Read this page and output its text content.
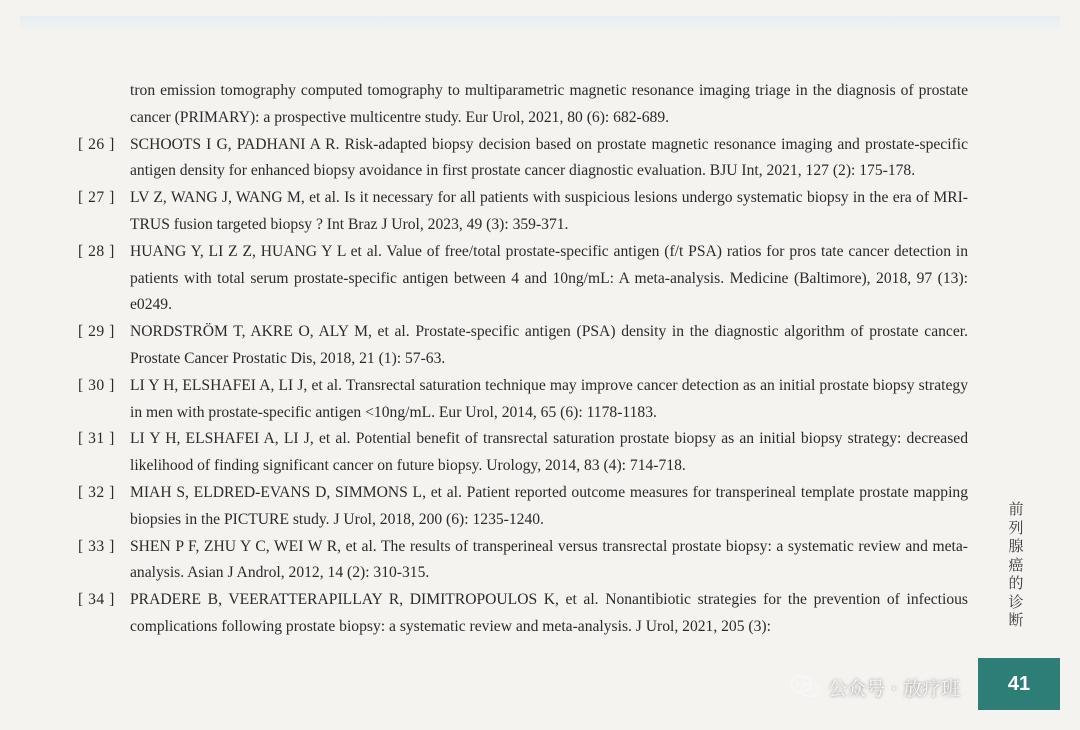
tron emission tomography computed tomography to multiparametric magnetic resonance imaging triage in the diagnosis of prostate cancer (PRIMARY): a prospective multicentre study. Eur Urol, 2021, 80 (6): 682-689.
[ 26 ] SCHOOTS I G, PADHANI A R. Risk-adapted biopsy decision based on prostate magnetic resonance imaging and prostate-specific antigen density for enhanced biopsy avoidance in first prostate cancer diagnostic evaluation. BJU Int, 2021, 127 (2): 175-178.
[ 27 ] LV Z, WANG J, WANG M, et al. Is it necessary for all patients with suspicious lesions undergo systematic biopsy in the era of MRI-TRUS fusion targeted biopsy ? Int Braz J Urol, 2023, 49 (3): 359-371.
[ 28 ] HUANG Y, LI Z Z, HUANG Y L et al. Value of free/total prostate-specific antigen (f/t PSA) ratios for pros tate cancer detection in patients with total serum prostate-specific antigen between 4 and 10ng/mL: A meta-analysis. Medicine (Baltimore), 2018, 97 (13): e0249.
[ 29 ] NORDSTRÖM T, AKRE O, ALY M, et al. Prostate-specific antigen (PSA) density in the diagnostic algorithm of prostate cancer. Prostate Cancer Prostatic Dis, 2018, 21 (1): 57-63.
[ 30 ] LI Y H, ELSHAFEI A, LI J, et al. Transrectal saturation technique may improve cancer detection as an initial prostate biopsy strategy in men with prostate-specific antigen <10ng/mL. Eur Urol, 2014, 65 (6): 1178-1183.
[ 31 ] LI Y H, ELSHAFEI A, LI J, et al. Potential benefit of transrectal saturation prostate biopsy as an initial biopsy strategy: decreased likelihood of finding significant cancer on future biopsy. Urology, 2014, 83 (4): 714-718.
[ 32 ] MIAH S, ELDRED-EVANS D, SIMMONS L, et al. Patient reported outcome measures for transperineal template prostate mapping biopsies in the PICTURE study. J Urol, 2018, 200 (6): 1235-1240.
[ 33 ] SHEN P F, ZHU Y C, WEI W R, et al. The results of transperineal versus transrectal prostate biopsy: a systematic review and meta-analysis. Asian J Androl, 2012, 14 (2): 310-315.
[ 34 ] PRADERE B, VEERATTERAPILLAY R, DIMITROPOULOS K, et al. Nonantibiotic strategies for the prevention of infectious complications following prostate biopsy: a systematic review and meta-analysis. J Urol, 2021, 205 (3):
前
列
腺
癌
的
诊
断
41
公众号 · 放疗班
